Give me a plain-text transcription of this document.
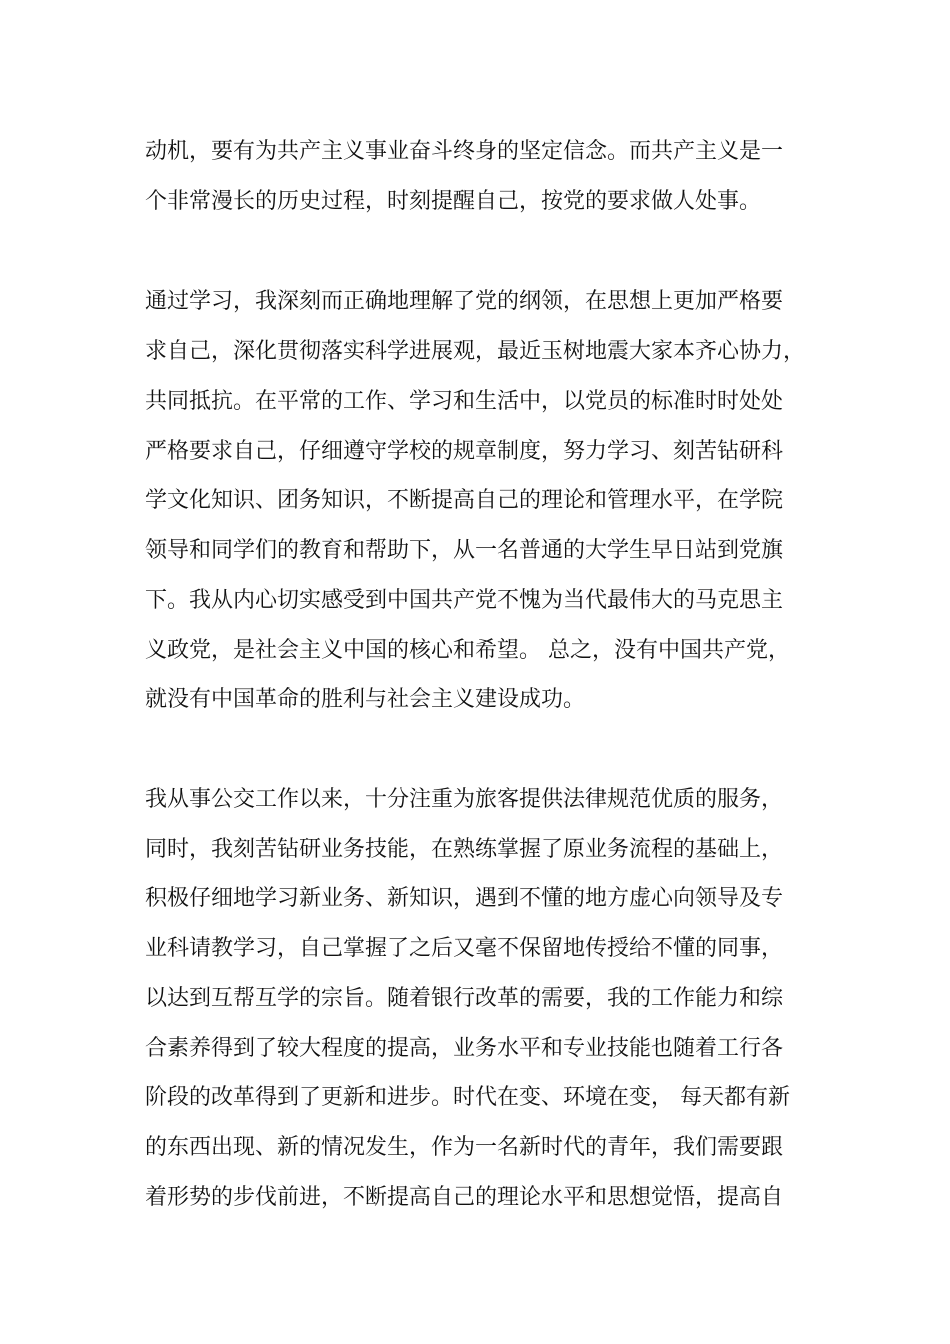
动机，要有为共产主义事业奋斗终身的坚定信念。而共产主义是一
个非常漫长的历史过程，时刻提醒自己，按党的要求做人处事。
通过学习，我深刻而正确地理解了党的纲领，在思想上更加严格要
求自己，深化贯彻落实科学进展观，最近玉树地震大家本齐心协力，
共同抵抗。在平常的工作、学习和生活中，以党员的标准时时处处
严格要求自己，仔细遵守学校的规章制度，努力学习、刻苦钻研科
学文化知识、团务知识，不断提高自己的理论和管理水平，在学院
领导和同学们的教育和帮助下，从一名普通的大学生早日站到党旗
下。我从内心切实感受到中国共产党不愧为当代最伟大的马克思主
义政党，是社会主义中国的核心和希望。 总之，没有中国共产党，
就没有中国革命的胜利与社会主义建设成功。
我从事公交工作以来，十分注重为旅客提供法律规范优质的服务，
同时，我刻苦钻研业务技能，在熟练掌握了原业务流程的基础上，
积极仔细地学习新业务、新知识，遇到不懂的地方虚心向领导及专
业科请教学习，自己掌握了之后又毫不保留地传授给不懂的同事，
以达到互帮互学的宗旨。随着银行改革的需要，我的工作能力和综
合素养得到了较大程度的提高，业务水平和专业技能也随着工行各
阶段的改革得到了更新和进步。时代在变、环境在变， 每天都有新
的东西出现、新的情况发生，作为一名新时代的青年，我们需要跟
着形势的步伐前进，不断提高自己的理论水平和思想觉悟，提高自
